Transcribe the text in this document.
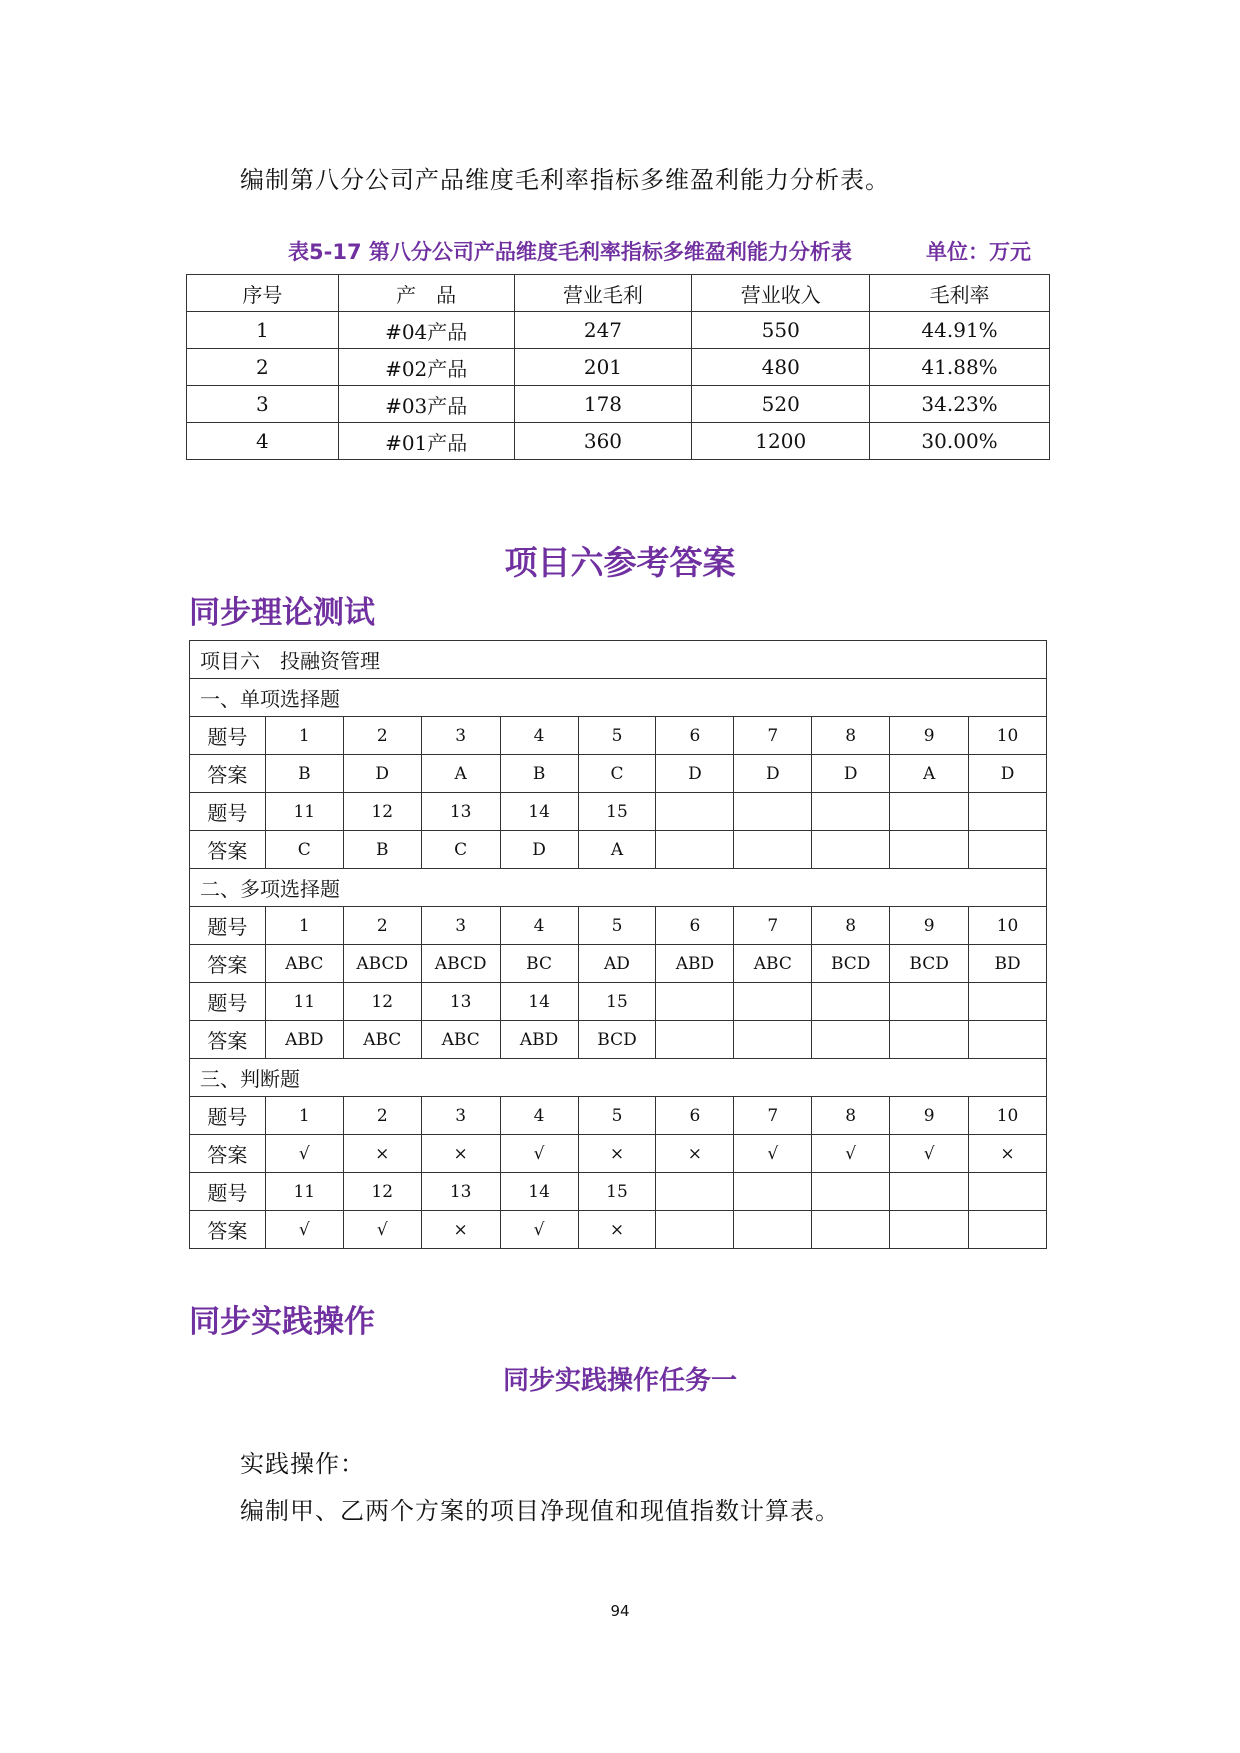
编制第八分公司产品维度毛利率指标多维盈利能力分析表。
表5-17 第八分公司产品维度毛利率指标多维盈利能力分析表	单位：万元
序号	产　品	营业毛利	营业收入	毛利率
1	#04产品	247	550	44.91%
2	#02产品	201	480	41.88%
3	#03产品	178	520	34.23%
4	#01产品	360	1200	30.00%
项目六参考答案
同步理论测试
项目六　投融资管理										
一、单项选择题										
题号	1	2	3	4	5	6	7	8	9	10
答案	B	D	A	B	C	D	D	D	A	D
题号	11	12	13	14	15					
答案	C	B	C	D	A					
二、多项选择题										
题号	1	2	3	4	5	6	7	8	9	10
答案	ABC	ABCD	ABCD	BC	AD	ABD	ABC	BCD	BCD	BD
题号	11	12	13	14	15					
答案	ABD	ABC	ABC	ABD	BCD					
三、判断题										
题号	1	2	3	4	5	6	7	8	9	10
答案	√	×	×	√	×	×	√	√	√	×
题号	11	12	13	14	15					
答案	√	√	×	√	×					
同步实践操作
同步实践操作任务一
实践操作：
编制甲、乙两个方案的项目净现值和现值指数计算表。
94
